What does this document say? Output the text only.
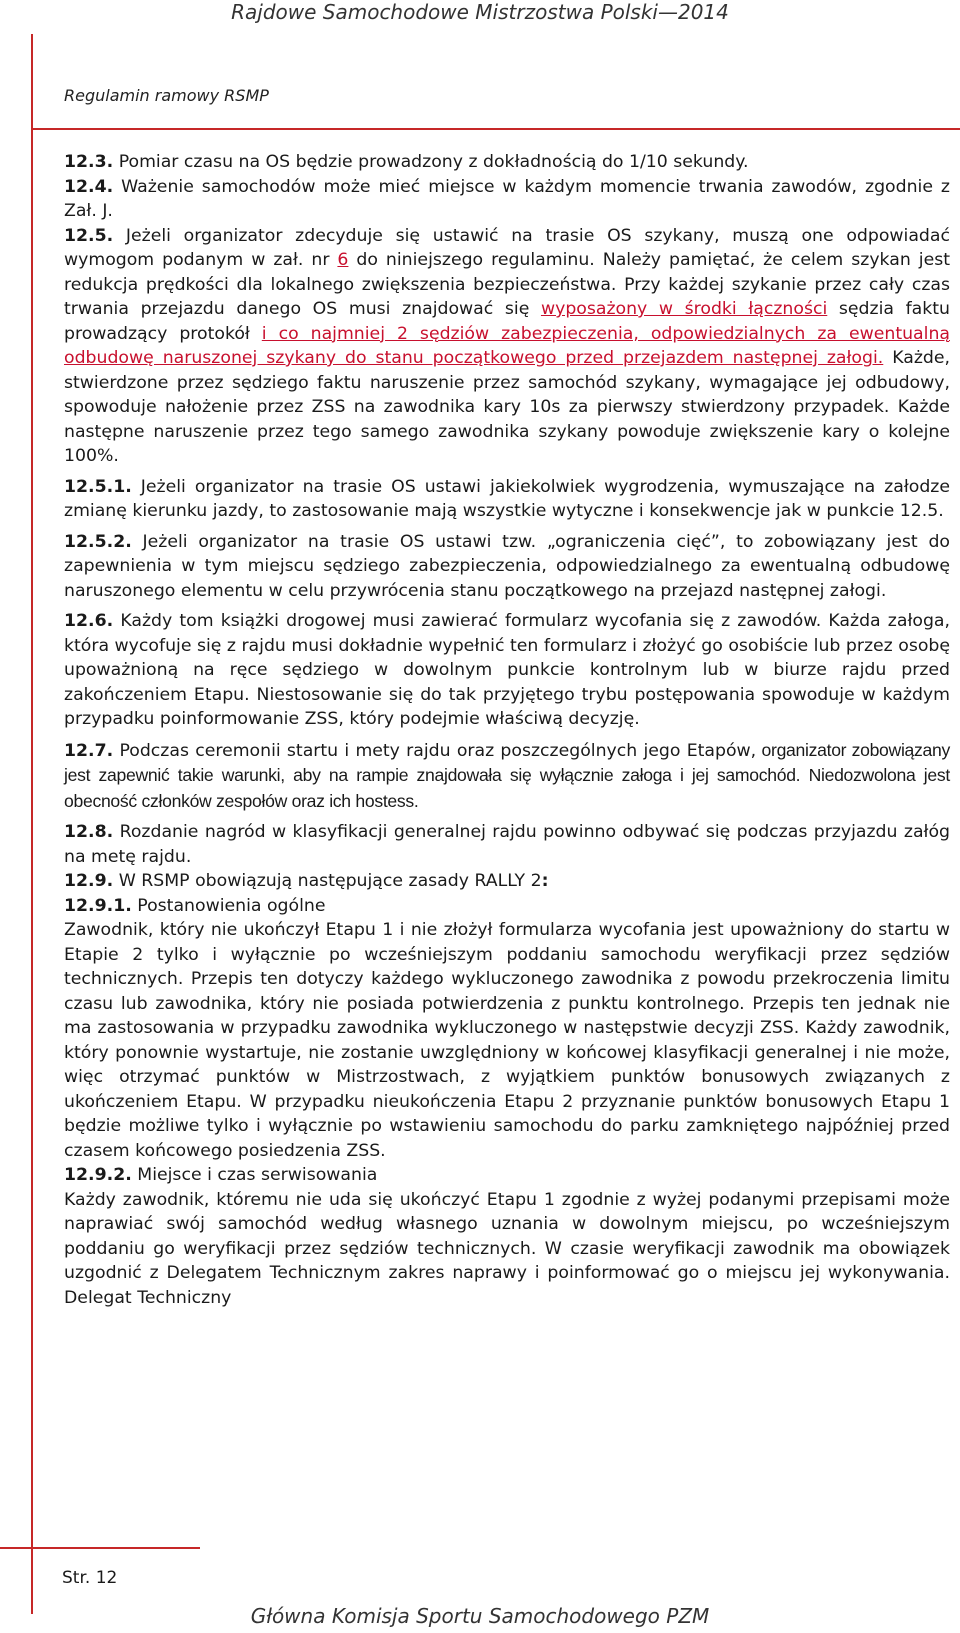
Rajdowe Samochodowe Mistrzostwa Polski—2014
Regulamin ramowy RSMP

12.3. Pomiar czasu na OS będzie prowadzony z dokładnością do 1/10 sekundy.

12.4. Ważenie samochodów może mieć miejsce w każdym momencie trwania zawodów, zgodnie z Zał. J.

12.5. Jeżeli organizator zdecyduje się ustawić na trasie OS szykany, muszą one odpowiadać wymogom podanym w zał. nr 6 do niniejszego regulaminu. Należy pamiętać, że celem szykan jest redukcja prędkości dla lokalnego zwiększenia bezpieczeństwa. Przy każdej szykanie przez cały czas trwania przejazdu danego OS musi znajdować się wyposażony w środki łączności sędzia faktu prowadzący protokół i co najmniej 2 sędziów zabezpieczenia, odpowiedzialnych za ewentualną odbudowę naruszonej szykany do stanu początkowego przed przejazdem następnej załogi. Każde, stwierdzone przez sędziego faktu naruszenie przez samochód szykany, wymagające jej odbudowy, spowoduje nałożenie przez ZSS na zawodnika kary 10s za pierwszy stwierdzony przypadek. Każde następne naruszenie przez tego samego zawodnika szykany powoduje zwiększenie kary o kolejne 100%.

12.5.1. Jeżeli organizator na trasie OS ustawi jakiekolwiek wygrodzenia, wymuszające na załodze zmianę kierunku jazdy, to zastosowanie mają wszystkie wytyczne i konsekwencje jak w punkcie 12.5.

12.5.2. Jeżeli organizator na trasie OS ustawi tzw. „ograniczenia cięć”, to zobowiązany jest do zapewnienia w tym miejscu sędziego zabezpieczenia, odpowiedzialnego za ewentualną odbudowę naruszonego elementu w celu przywrócenia stanu początkowego na przejazd następnej załogi.

12.6. Każdy tom książki drogowej musi zawierać formularz wycofania się z zawodów. Każda załoga, która wycofuje się z rajdu musi dokładnie wypełnić ten formularz i złożyć go osobiście lub przez osobę upoważnioną na ręce sędziego w dowolnym punkcie kontrolnym lub w biurze rajdu przed zakończeniem Etapu. Niestosowanie się do tak przyjętego trybu postępowania spowoduje w każdym przypadku poinformowanie ZSS, który podejmie właściwą decyzję.

12.7. Podczas ceremonii startu i mety rajdu oraz poszczególnych jego Etapów, organizator zobowiązany jest zapewnić takie warunki, aby na rampie znajdowała się wyłącznie załoga i jej samochód. Niedozwolona jest obecność członków zespołów oraz ich hostess.

12.8. Rozdanie nagród w klasyfikacji generalnej rajdu powinno odbywać się podczas przyjazdu załóg na metę rajdu.

12.9. W RSMP obowiązują następujące zasady RALLY 2:

12.9.1. Postanowienia ogólne

Zawodnik, który nie ukończył Etapu 1 i nie złożył formularza wycofania jest upoważniony do startu w Etapie 2 tylko i wyłącznie po wcześniejszym poddaniu samochodu weryfikacji przez sędziów technicznych. Przepis ten dotyczy każdego wykluczonego zawodnika z powodu przekroczenia limitu czasu lub zawodnika, który nie posiada potwierdzenia z punktu kontrolnego. Przepis ten jednak nie ma zastosowania w przypadku zawodnika wykluczonego w następstwie decyzji ZSS. Każdy zawodnik, który ponownie wystartuje, nie zostanie uwzględniony w końcowej klasyfikacji generalnej i nie może, więc otrzymać punktów w Mistrzostwach, z wyjątkiem punktów bonusowych związanych z ukończeniem Etapu. W przypadku nieukończenia Etapu 2 przyznanie punktów bonusowych Etapu 1 będzie możliwe tylko i wyłącznie po wstawieniu samochodu do parku zamkniętego najpóźniej przed czasem końcowego posiedzenia ZSS.

12.9.2. Miejsce i czas serwisowania

Każdy zawodnik, któremu nie uda się ukończyć Etapu 1 zgodnie z wyżej podanymi przepisami może naprawiać swój samochód według własnego uznania w dowolnym miejscu, po wcześniejszym poddaniu go weryfikacji przez sędziów technicznych. W czasie weryfikacji zawodnik ma obowiązek uzgodnić z Delegatem Technicznym zakres naprawy i poinformować go o miejscu jej wykonywania. Delegat Techniczny

Str. 12
Główna Komisja Sportu Samochodowego PZM
